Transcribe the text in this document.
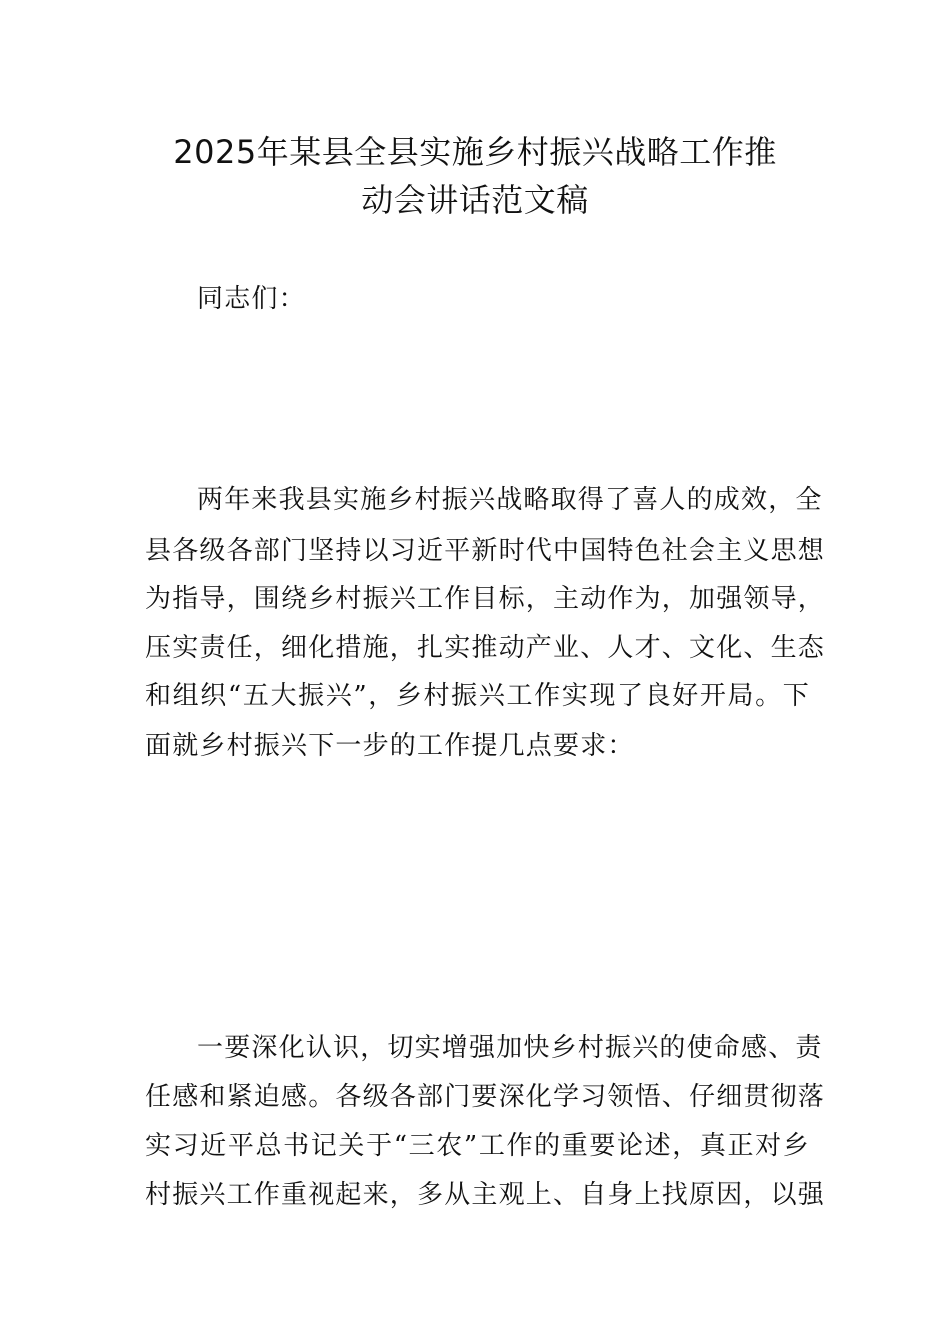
2025年某县全县实施乡村振兴战略工作推
动会讲话范文稿
同志们：
两年来我县实施乡村振兴战略取得了喜人的成效，全
县各级各部门坚持以习近平新时代中国特色社会主义思想
为指导，围绕乡村振兴工作目标，主动作为，加强领导，
压实责任，细化措施，扎实推动产业、人才、文化、生态
和组织“五大振兴”，乡村振兴工作实现了良好开局。下
面就乡村振兴下一步的工作提几点要求：
一要深化认识，切实增强加快乡村振兴的使命感、责
任感和紧迫感。各级各部门要深化学习领悟、仔细贯彻落
实习近平总书记关于“三农”工作的重要论述，真正对乡
村振兴工作重视起来，多从主观上、自身上找原因，以强
